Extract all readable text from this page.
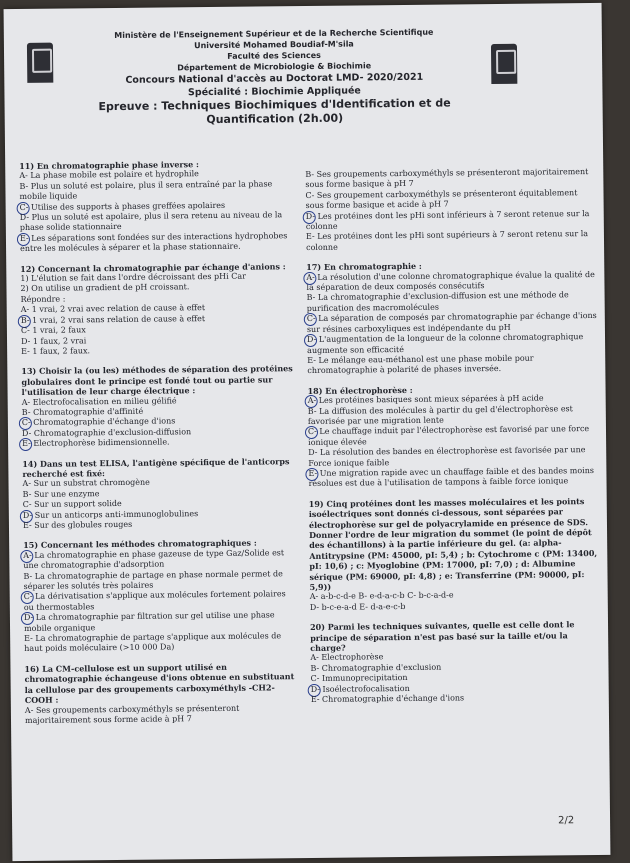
Ministère de l'Enseignement Supérieur et de la Recherche Scientifique
Université Mohamed Boudiaf-M'sila
Faculté des Sciences
Département de Microbiologie & Biochimie
Concours National d'accès au Doctorat LMD- 2020/2021
Spécialité : Biochimie Appliquée
Epreuve : Techniques Biochimiques d'Identification et de Quantification (2h.00)
11) En chromatographie phase inverse :
A- La phase mobile est polaire et hydrophile
B- Plus un soluté est polaire, plus il sera entraîné par la phase mobile liquide
C- Utilise des supports à phases greffées apolaires
D- Plus un soluté est apolaire, plus il sera retenu au niveau de la phase solide stationnaire
E- Les séparations sont fondées sur des interactions hydrophobes entre les molécules à séparer et la phase stationnaire.
12) Concernant la chromatographie par échange d'anions :
1) L'élution se fait dans l'ordre décroissant des pHi Car
2) On utilise un gradient de pH croissant.
Répondre :
A- 1 vrai, 2 vrai avec relation de cause à effet
B- 1 vrai, 2 vrai sans relation de cause à effet
C- 1 vrai, 2 faux
D- 1 faux, 2 vrai
E- 1 faux, 2 faux.
13) Choisir la (ou les) méthodes de séparation des protéines globulaires dont le principe est fondé tout ou partie sur l'utilisation de leur charge électrique :
A- Electrofocalisation en milieu gélifié
B- Chromatographie d'affinité
C- Chromatographie d'échange d'ions
D- Chromatographie d'exclusion-diffusion
E- Electrophorèse bidimensionnelle.
14) Dans un test ELISA, l'antigène spécifique de l'anticorps recherché est fixé:
A- Sur un substrat chromogène
B- Sur une enzyme
C- Sur un support solide
D- Sur un anticorps anti-immunoglobulines
E- Sur des globules rouges
15) Concernant les méthodes chromatographiques :
A- La chromatographie en phase gazeuse de type Gaz/Solide est une chromatographie d'adsorption
B- La chromatographie de partage en phase normale permet de séparer les solutés très polaires
C- La dérivatisation s'applique aux molécules fortement polaires ou thermostables
D- La chromatographie par filtration sur gel utilise une phase mobile organique
E- La chromatographie de partage s'applique aux molécules de haut poids moléculaire (>10 000 Da)
16) La CM-cellulose est un support utilisé en chromatographie échangeuse d'ions obtenue en substituant la cellulose par des groupements carboxyméthyls -CH2-COOH :
A- Ses groupements carboxyméthyls se présenteront majoritairement sous forme acide à pH 7
B- Ses groupements carboxyméthyls se présenteront majoritairement sous forme basique à pH 7
C- Ses groupement carboxyméthyls se présenteront équitablement sous forme basique et acide à pH 7
D- Les protéines dont les pHi sont inférieurs à 7 seront retenue sur la colonne
E- Les protéines dont les pHi sont supérieurs à 7 seront retenu sur la colonne
17) En chromatographie :
A- La résolution d'une colonne chromatographique évalue la qualité de la séparation de deux composés consécutifs
B- La chromatographie d'exclusion-diffusion est une méthode de purification des macromolécules
C- La séparation de composés par chromatographie par échange d'ions sur résines carboxyliques est indépendante du pH
D- L'augmentation de la longueur de la colonne chromatographique augmente son efficacité
E- Le mélange eau-méthanol est une phase mobile pour chromatographie à polarité de phases inversée.
18) En électrophorèse :
A- Les protéines basiques sont mieux séparées à pH acide
B- La diffusion des molécules à partir du gel d'électrophorèse est favorisée par une migration lente
C- Le chauffage induit par l'électrophorèse est favorisé par une force ionique élevée
D- La résolution des bandes en électrophorèse est favorisée par une Force ionique faible
E- Une migration rapide avec un chauffage faible et des bandes moins résolues est due à l'utilisation de tampons à faible force ionique
19) Cinq protéines dont les masses moléculaires et les points isoélectriques sont donnés ci-dessous, sont séparées par électrophorèse sur gel de polyacrylamide en présence de SDS. Donner l'ordre de leur migration du sommet (le point de dépôt des échantillons) à la partie inférieure du gel. (a: alpha-Antitrypsine (PM: 45000, pI: 5,4) ; b: Cytochrome c (PM: 13400, pI: 10,6) ; c: Myoglobine (PM: 17000, pI: 7,0) ; d: Albumine sérique (PM: 69000, pI: 4,8) ; e: Transferrine (PM: 90000, pI: 5,9))
A- a-b-c-d-e B- e-d-a-c-b C- b-c-a-d-e
D- b-c-e-a-d E- d-a-e-c-b
20) Parmi les techniques suivantes, quelle est celle dont le principe de séparation n'est pas basé sur la taille et/ou la charge?
A- Electrophorèse
B- Chromatographie d'exclusion
C- Immunoprecipitation
D- Isoélectrofocalisation
E- Chromatographie d'échange d'ions
2/2
